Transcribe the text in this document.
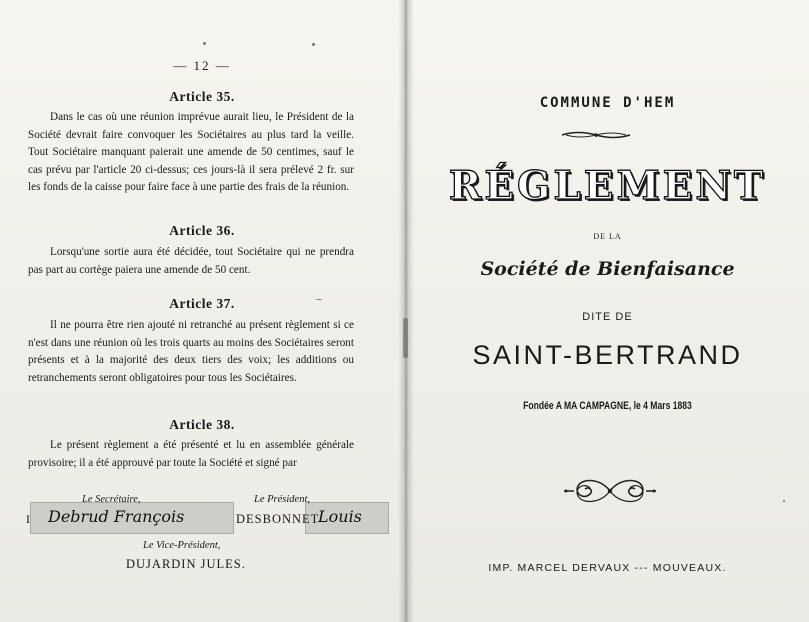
— 12 —
Article 35.
Dans le cas où une réunion imprévue aurait lieu, le Président de la Société devrait faire convoquer les Sociétaires au plus tard la veille. Tout Sociétaire manquant paierait une amende de 50 centimes, sauf le cas prévu par l'article 20 ci-dessus; ces jours-là il sera prélevé 2 fr. sur les fonds de la caisse pour faire face à une partie des frais de la réunion.
Article 36.
Lorsqu'une sortie aura été décidée, tout Sociétaire qui ne prendra pas part au cortège paiera une amende de 50 cent.
Article 37.
Il ne pourra être rien ajouté ni retranché au présent règlement si ce n'est dans une réunion où les trois quarts au moins des Sociétaires seront présents et à la majorité des deux tiers des voix; les additions ou retranchements seront obligatoires pour tous les Sociétaires.
Article 38.
Le présent règlement a été présenté et lu en assemblée générale provisoire; il a été approuvé par toute la Société et signé par
Le Secrétaire,	Le Président,
I Debrud François	DESBONNET
Louis
Le Vice-Président,
DUJARDIN JULES.
COMMUNE D'HEM
RÉGLEMENT
DE LA
Société de Bienfaisance
DITE DE
SAINT-BERTRAND
Fondée A MA CAMPAGNE, le 4 Mars 1883
IMP. MARCEL DERVAUX --- MOUVEAUX.
